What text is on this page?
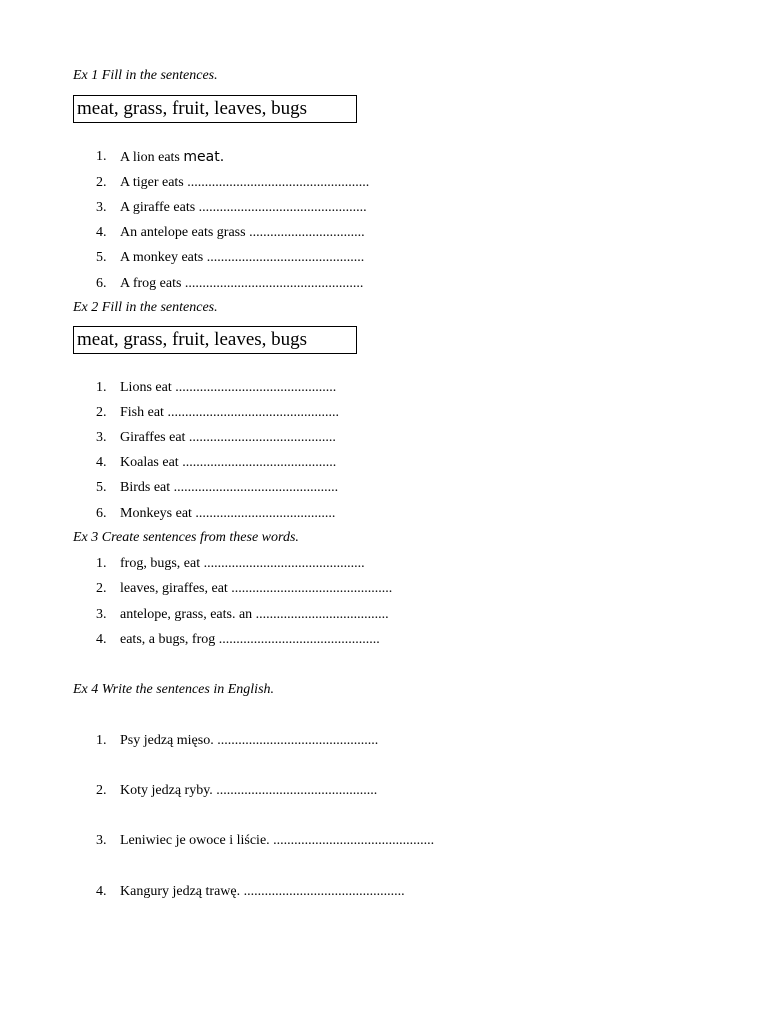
Ex 1 Fill in the sentences.
meat, grass, fruit, leaves, bugs
1. A lion eats meat.
2. A tiger eats ....................................................
3. A giraffe eats ................................................
4. An antelope eats grass .................................
5. A monkey eats .............................................
6. A frog eats ...................................................
Ex 2 Fill in the sentences.
meat, grass, fruit, leaves, bugs
1. Lions eat ..............................................
2. Fish eat .................................................
3. Giraffes eat ..........................................
4. Koalas eat ............................................
5. Birds eat ...............................................
6. Monkeys eat ........................................
Ex 3 Create sentences from these words.
1. frog, bugs, eat ..............................................
2. leaves, giraffes, eat ..............................................
3. antelope, grass, eats. an ......................................
4. eats, a bugs, frog ..............................................
Ex 4 Write the sentences in English.
1. Psy jedzą mięso. ..............................................
2. Koty jedzą ryby. ..............................................
3. Leniwiec je owoce i liście. ..............................................
4. Kangury jedzą trawę. ..............................................
